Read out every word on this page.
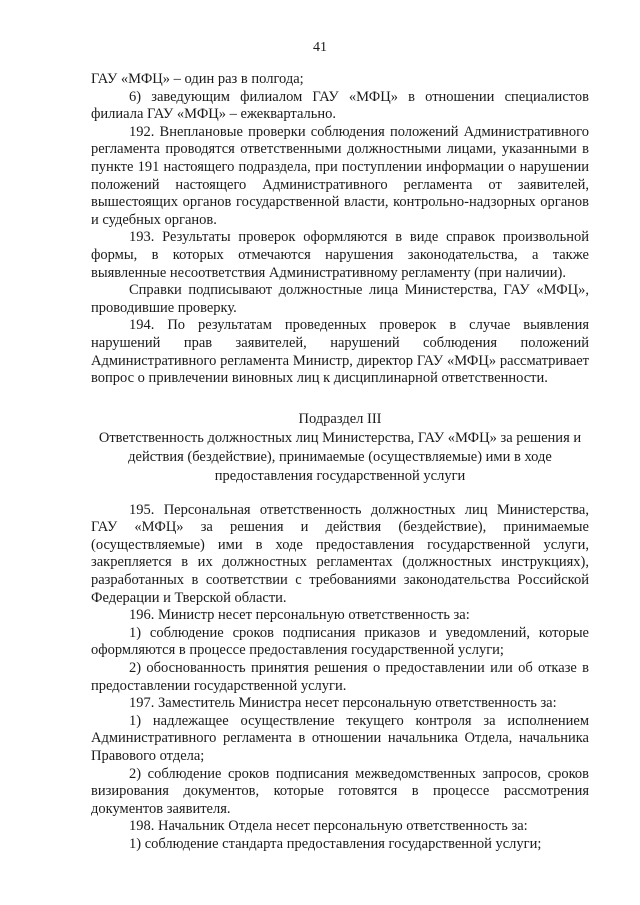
41

ГАУ «МФЦ» – один раз в полгода;

6) заведующим филиалом ГАУ «МФЦ» в отношении специалистов филиала ГАУ «МФЦ» – ежеквартально.

192. Внеплановые проверки соблюдения положений Административного регламента проводятся ответственными должностными лицами, указанными в пункте 191 настоящего подраздела, при поступлении информации о нарушении положений настоящего Административного регламента от заявителей, вышестоящих органов государственной власти, контрольно-надзорных органов и судебных органов.

193. Результаты проверок оформляются в виде справок произвольной формы, в которых отмечаются нарушения законодательства, а также выявленные несоответствия Административному регламенту (при наличии).

Справки подписывают должностные лица Министерства, ГАУ «МФЦ», проводившие проверку.

194. По результатам проведенных проверок в случае выявления нарушений прав заявителей, нарушений соблюдения положений Административного регламента Министр, директор ГАУ «МФЦ» рассматривает вопрос о привлечении виновных лиц к дисциплинарной ответственности.

Подраздел III

Ответственность должностных лиц Министерства, ГАУ «МФЦ» за решения и действия (бездействие), принимаемые (осуществляемые) ими в ходе предоставления государственной услуги

195. Персональная ответственность должностных лиц Министерства, ГАУ «МФЦ» за решения и действия (бездействие), принимаемые (осуществляемые) ими в ходе предоставления государственной услуги, закрепляется в их должностных регламентах (должностных инструкциях), разработанных в соответствии с требованиями законодательства Российской Федерации и Тверской области.

196. Министр несет персональную ответственность за:

1) соблюдение сроков подписания приказов и уведомлений, которые оформляются в процессе предоставления государственной услуги;

2) обоснованность принятия решения о предоставлении или об отказе в предоставлении государственной услуги.

197. Заместитель Министра несет персональную ответственность за:

1) надлежащее осуществление текущего контроля за исполнением Административного регламента в отношении начальника Отдела, начальника Правового отдела;

2) соблюдение сроков подписания межведомственных запросов, сроков визирования документов, которые готовятся в процессе рассмотрения документов заявителя.

198. Начальник Отдела несет персональную ответственность за:

1) соблюдение стандарта предоставления государственной услуги;
